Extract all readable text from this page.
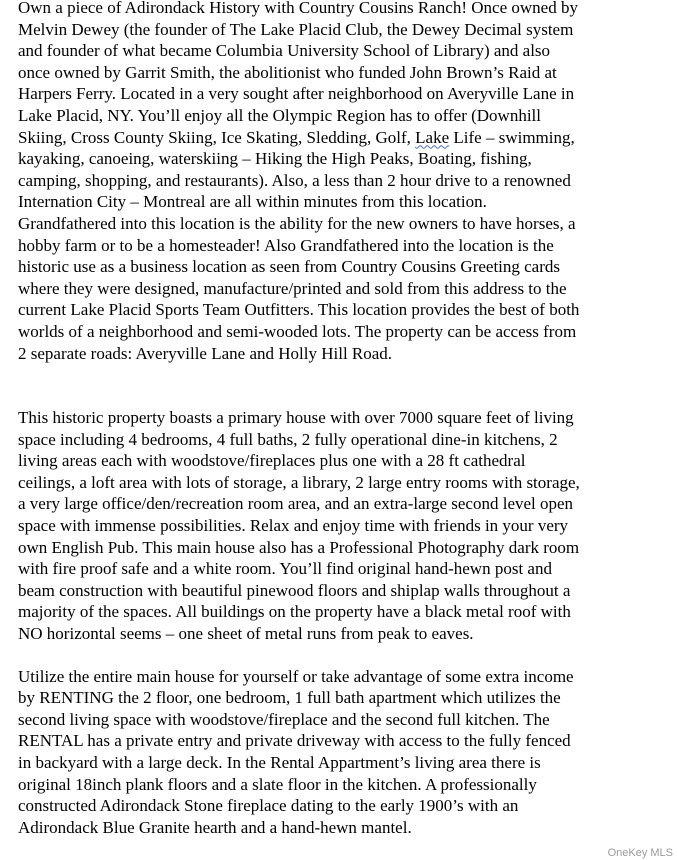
Own a piece of Adirondack History with Country Cousins Ranch! Once owned by
Melvin Dewey (the founder of The Lake Placid Club, the Dewey Decimal system
and founder of what became Columbia University School of Library) and also
once owned by Garrit Smith, the abolitionist who funded John Brown’s Raid at
Harpers Ferry. Located in a very sought after neighborhood on Averyville Lane in
Lake Placid, NY. You’ll enjoy all the Olympic Region has to offer (Downhill
Skiing, Cross County Skiing, Ice Skating, Sledding, Golf, Lake Life – swimming,
kayaking, canoeing, waterskiing – Hiking the High Peaks, Boating, fishing,
camping, shopping, and restaurants). Also, a less than 2 hour drive to a renowned
Internation City – Montreal are all within minutes from this location.
Grandfathered into this location is the ability for the new owners to have horses, a
hobby farm or to be a homesteader! Also Grandfathered into the location is the
historic use as a business location as seen from Country Cousins Greeting cards
where they were designed, manufacture/printed and sold from this address to the
current Lake Placid Sports Team Outfitters. This location provides the best of both
worlds of a neighborhood and semi-wooded lots. The property can be access from
2 separate roads: Averyville Lane and Holly Hill Road.

This historic property boasts a primary house with over 7000 square feet of living
space including 4 bedrooms, 4 full baths, 2 fully operational dine-in kitchens, 2
living areas each with woodstove/fireplaces plus one with a 28 ft cathedral
ceilings, a loft area with lots of storage, a library, 2 large entry rooms with storage,
a very large office/den/recreation room area, and an extra-large second level open
space with immense possibilities. Relax and enjoy time with friends in your very
own English Pub. This main house also has a Professional Photography dark room
with fire proof safe and a white room. You’ll find original hand-hewn post and
beam construction with beautiful pinewood floors and shiplap walls throughout a
majority of the spaces. All buildings on the property have a black metal roof with
NO horizontal seems – one sheet of metal runs from peak to eaves.

Utilize the entire main house for yourself or take advantage of some extra income
by RENTING the 2 floor, one bedroom, 1 full bath apartment which utilizes the
second living space with woodstove/fireplace and the second full kitchen. The
RENTAL has a private entry and private driveway with access to the fully fenced
in backyard with a large deck. In the Rental Appartment’s living area there is
original 18inch plank floors and a slate floor in the kitchen. A professionally
constructed Adirondack Stone fireplace dating to the early 1900’s with an
Adirondack Blue Granite hearth and a hand-hewn mantel.

OneKey MLS
